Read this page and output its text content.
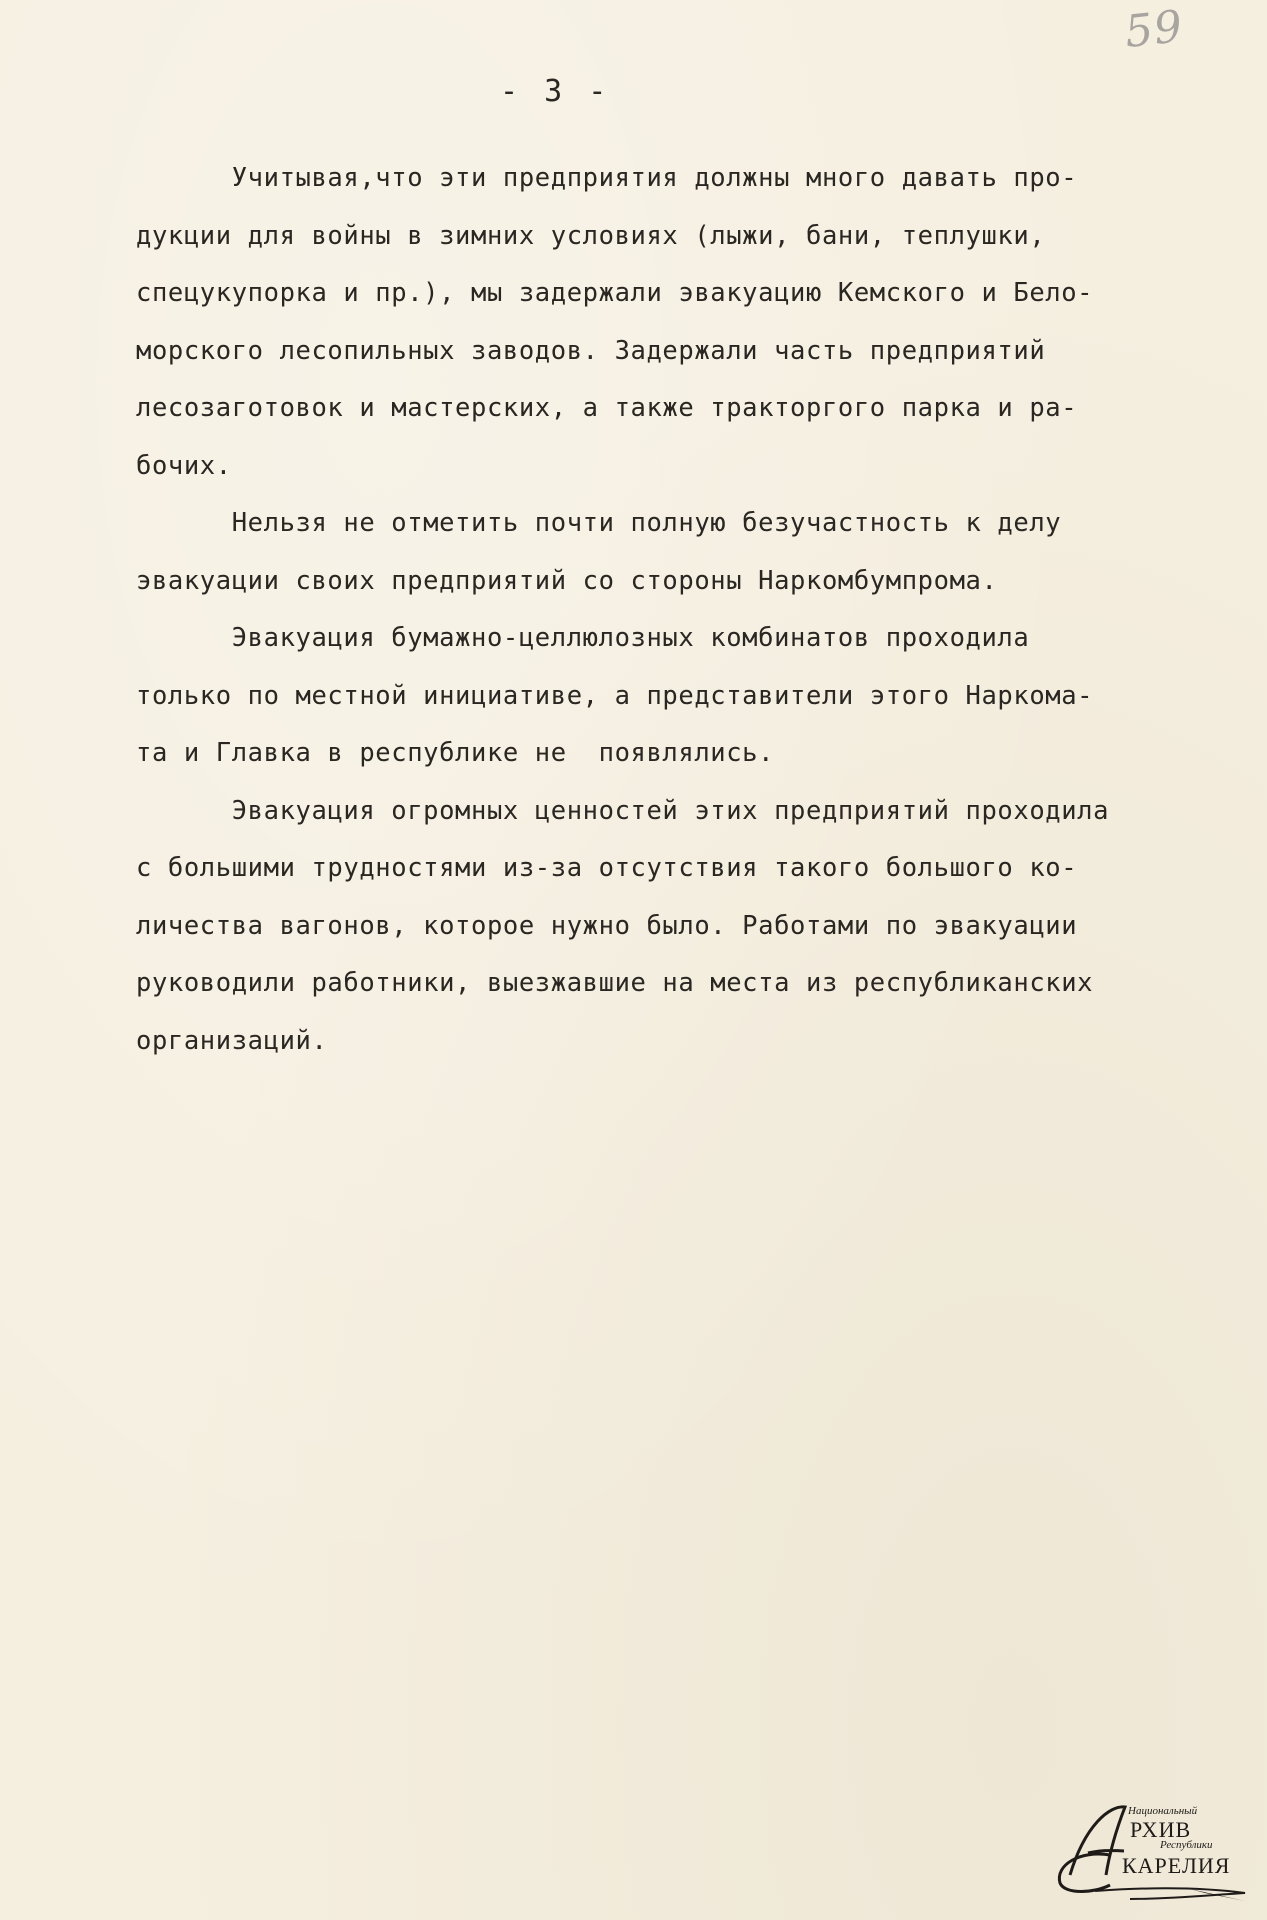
59
- 3 -
Учитывая,что эти предприятия должны много давать про-
дукции для войны в зимних условиях (лыжи, бани, теплушки,
спецукупорка и пр.), мы задержали эвакуацию Кемского и Бело-
морского лесопильных заводов. Задержали часть предприятий
лесозаготовок и мастерских, а также тракторгого парка и ра-
бочих.
Нельзя не отметить почти полную безучастность к делу
эвакуации своих предприятий со стороны Наркомбумпрома.
Эвакуация бумажно-целлюлозных комбинатов проходила
только по местной инициативе, а представители этого Наркома-
та и Главка в республике не  появлялись.
Эвакуация огромных ценностей этих предприятий проходила
с большими трудностями из-за отсутствия такого большого ко-
личества вагонов, которое нужно было. Работами по эвакуации
руководили работники, выезжавшие на места из республиканских
организаций.
Национальный
РХИВ
Республики
КАРЕЛИЯ
